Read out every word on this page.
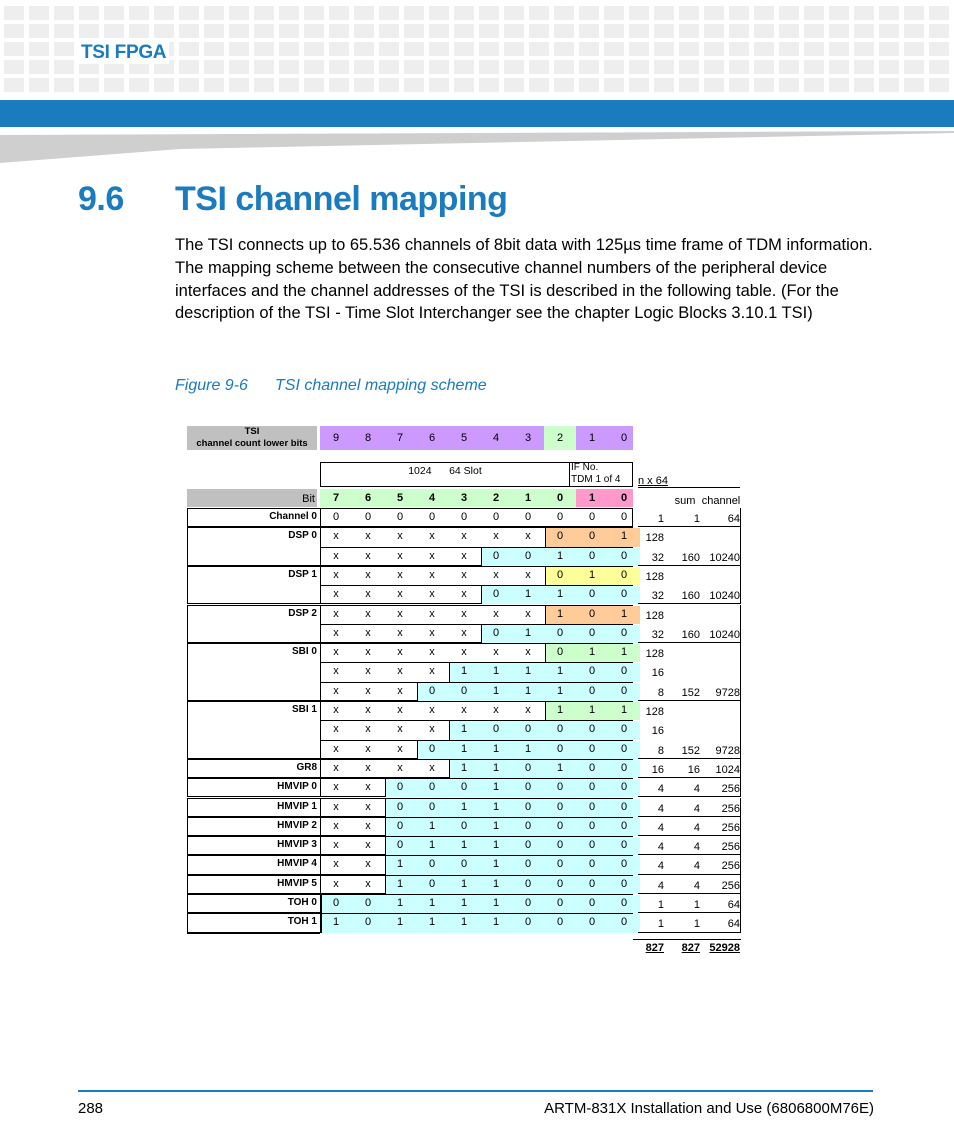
TSI FPGA
9.6 TSI channel mapping
The TSI connects up to 65.536 channels of 8bit data with 125µs time frame of TDM information. The mapping scheme between the consecutive channel numbers of the peripheral device interfaces and the channel addresses of the TSI is described in the following table. (For the description of the TSI - Time Slot Interchanger see the chapter Logic Blocks 3.10.1 TSI)
Figure 9-6 TSI channel mapping scheme
TSI
channel count lower bits	9	8	7	6	5	4	3	2	1	0
1024      64 Slot	IF No.
TDM 1 of 4
Bit	7	6	5	4	3	2	1	0	1	0
n x 64
sum channel
Channel 0	0	0	0	0	0	0	0	0	0	0	1	1	64
DSP 0	x	x	x	x	x	x	x	0	0	1	128
x	x	x	x	x	0	0	1	0	0	32	160 10240
DSP 1	x	x	x	x	x	x	x	0	1	0	128
x	x	x	x	x	0	1	1	0	0	32	160 10240
DSP 2	x	x	x	x	x	x	x	1	0	1	128
x	x	x	x	x	0	1	0	0	0	32	160 10240
SBI 0	x	x	x	x	x	x	x	0	1	1	128
x	x	x	x	1	1	1	1	0	0	16
x	x	x	0	0	1	1	1	0	0	8	152	9728
SBI 1	x	x	x	x	x	x	x	1	1	1	128
x	x	x	x	1	0	0	0	0	0	16
x	x	x	0	1	1	1	0	0	0	8	152	9728
GR8	x	x	x	x	1	1	0	1	0	0	16	16	1024
HMVIP 0	x	x	0	0	0	1	0	0	0	0	4	4	256
HMVIP 1	x	x	0	0	1	1	0	0	0	0	4	4	256
HMVIP 2	x	x	0	1	0	1	0	0	0	0	4	4	256
HMVIP 3	x	x	0	1	1	1	0	0	0	0	4	4	256
HMVIP 4	x	x	1	0	0	1	0	0	0	0	4	4	256
HMVIP 5	x	x	1	0	1	1	0	0	0	0	4	4	256
TOH 0	0	0	1	1	1	1	0	0	0	0	1	1	64
TOH 1	1	0	1	1	1	1	0	0	0	0	1	1	64
827	827 52928
288	ARTM-831X Installation and Use (6806800M76E)
